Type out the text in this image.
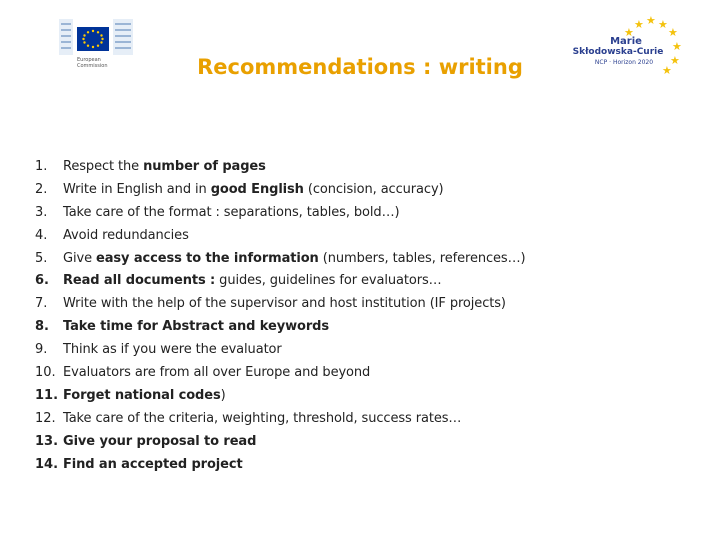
European
Commission
★ ★ ★
★
★
★
★
★
Marie
Skłodowska-Curie
NCP · Horizon 2020
Recommendations : writing
1.	Respect the number of pages
2.	Write in English and in good English (concision, accuracy)
3.	Take care of the format : separations, tables, bold…)
4.	Avoid redundancies
5.	Give easy access to the information (numbers, tables, references…)
6.	Read all documents : guides, guidelines for evaluators…
7.	Write with the help of the supervisor and host institution (IF projects)
8.	Take time for Abstract and keywords
9.	Think as if you were the evaluator
10. Evaluators are from all over Europe and beyond
11. Forget national codes)
12. Take care of the criteria, weighting, threshold, success rates…
13. Give your proposal to read
14. Find an accepted project
